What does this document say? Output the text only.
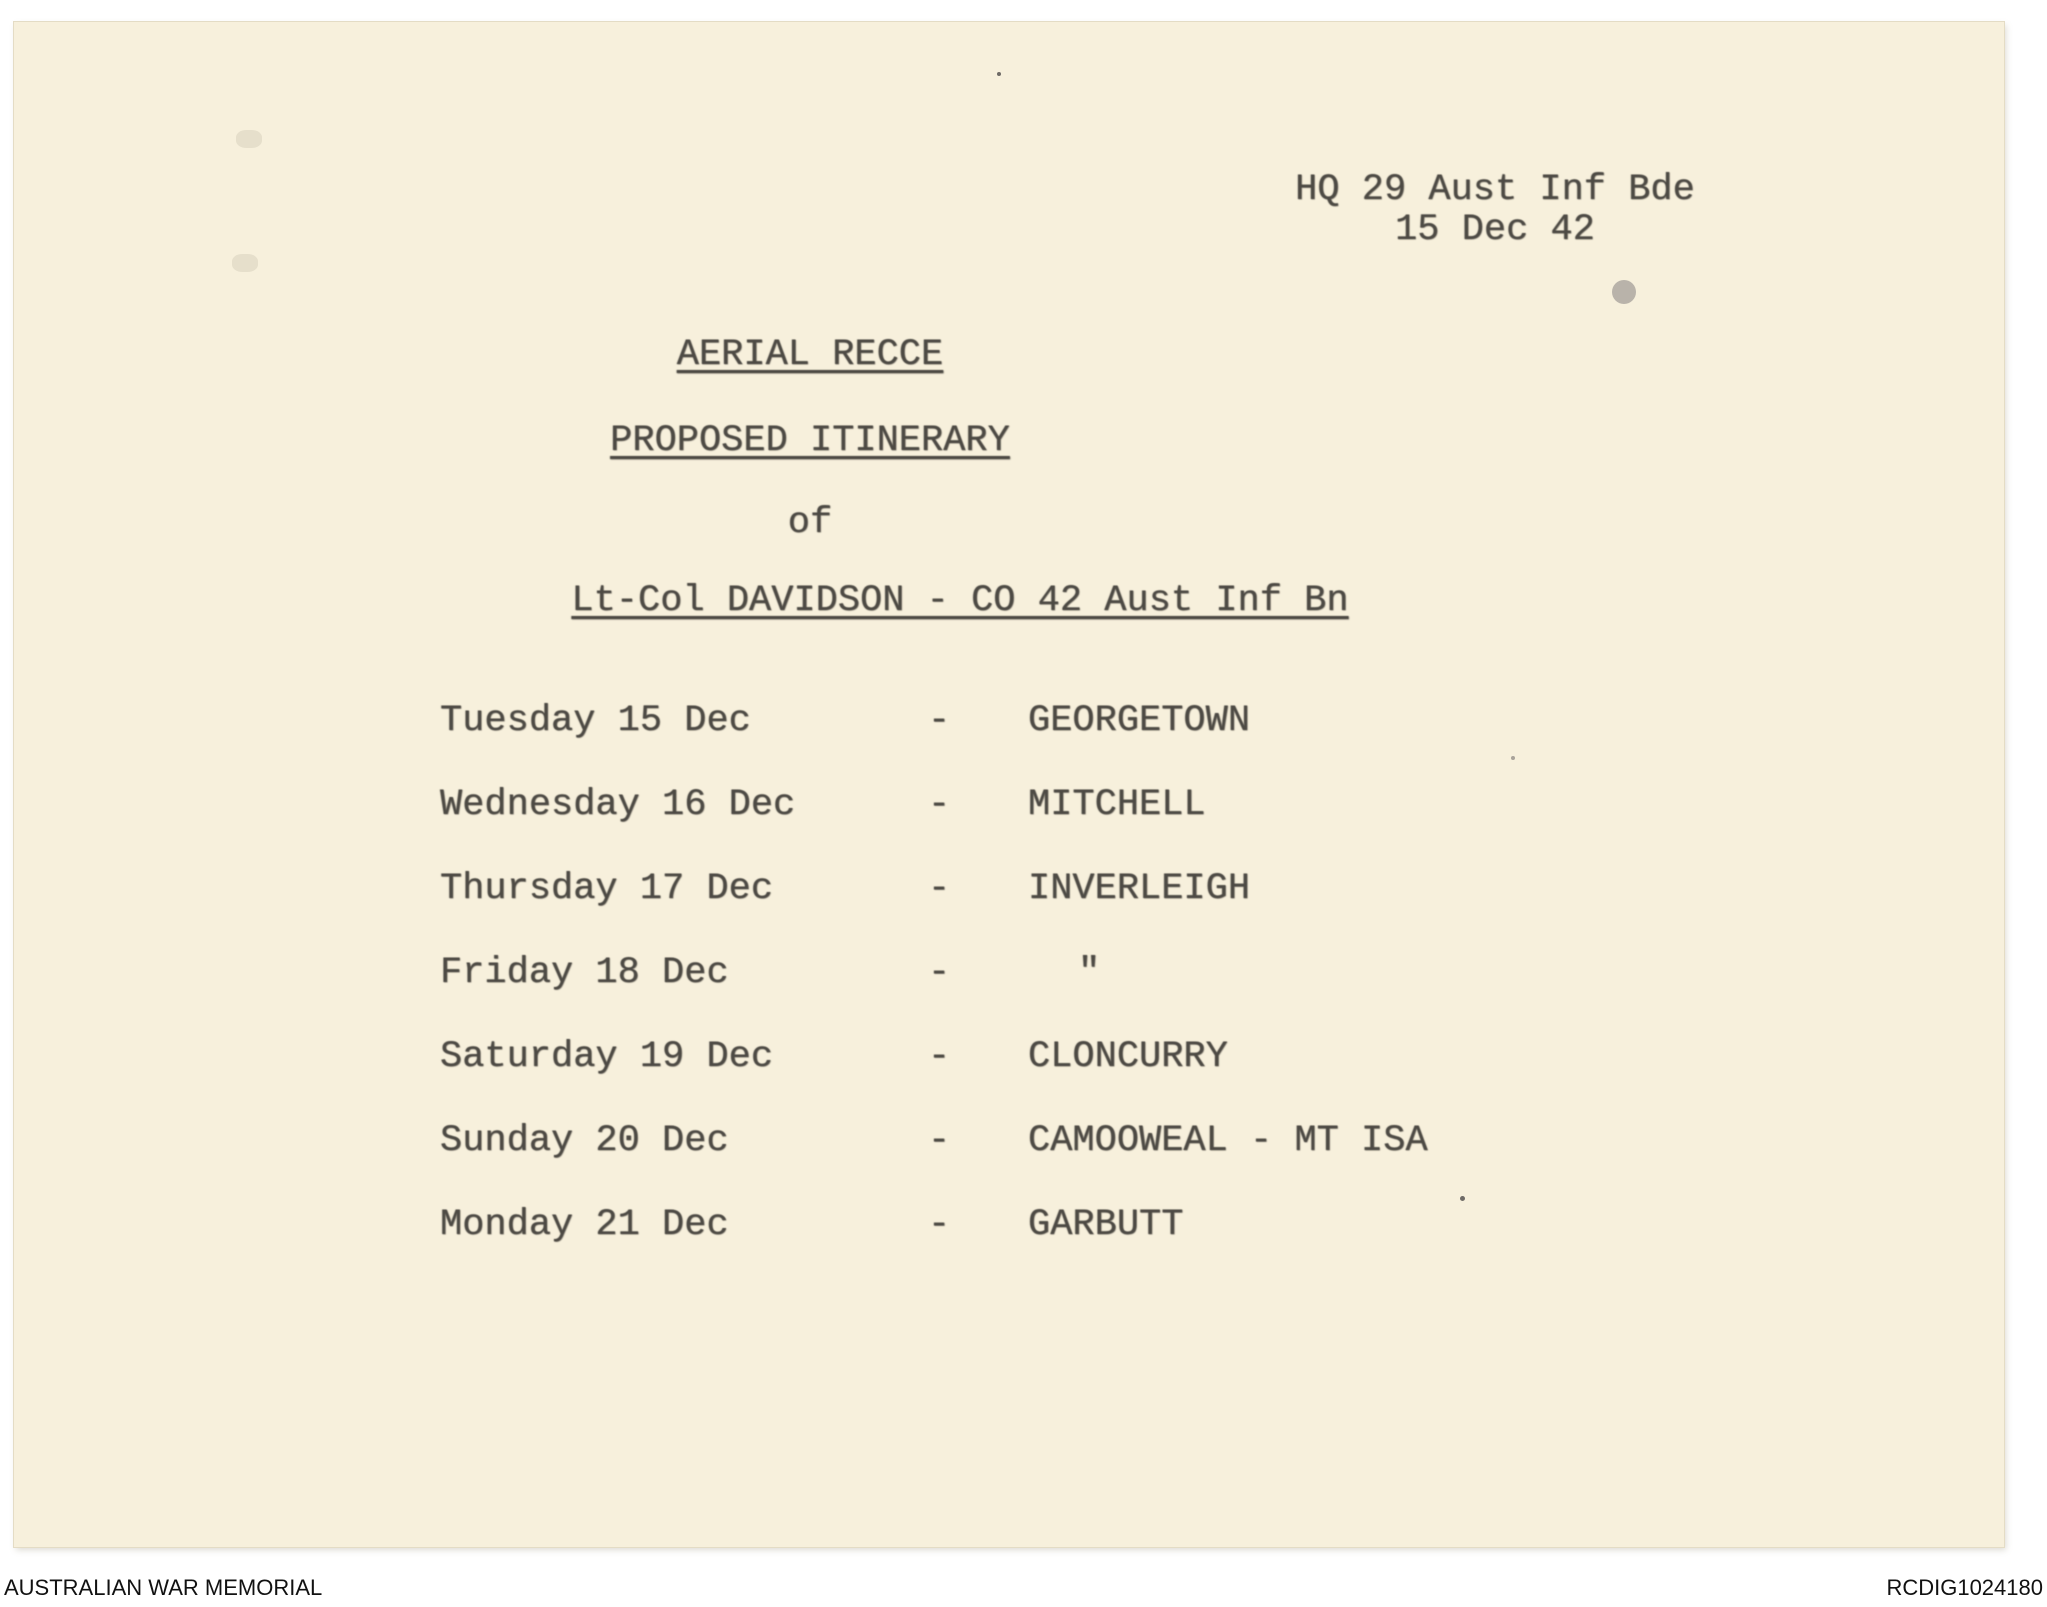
HQ 29 Aust Inf Bde
15 Dec 42
AERIAL RECCE
PROPOSED ITINERARY
of
Lt-Col DAVIDSON - CO 42 Aust Inf Bn
Tuesday 15 Dec	- GEORGETOWN
Wednesday 16 Dec	- MITCHELL
Thursday 17 Dec	- INVERLEIGH
Friday 18 Dec	-	"
Saturday 19 Dec	- CLONCURRY
Sunday 20 Dec	- CAMOOWEAL - MT ISA
Monday 21 Dec	- GARBUTT
AUSTRALIAN WAR MEMORIAL	RCDIG1024180
